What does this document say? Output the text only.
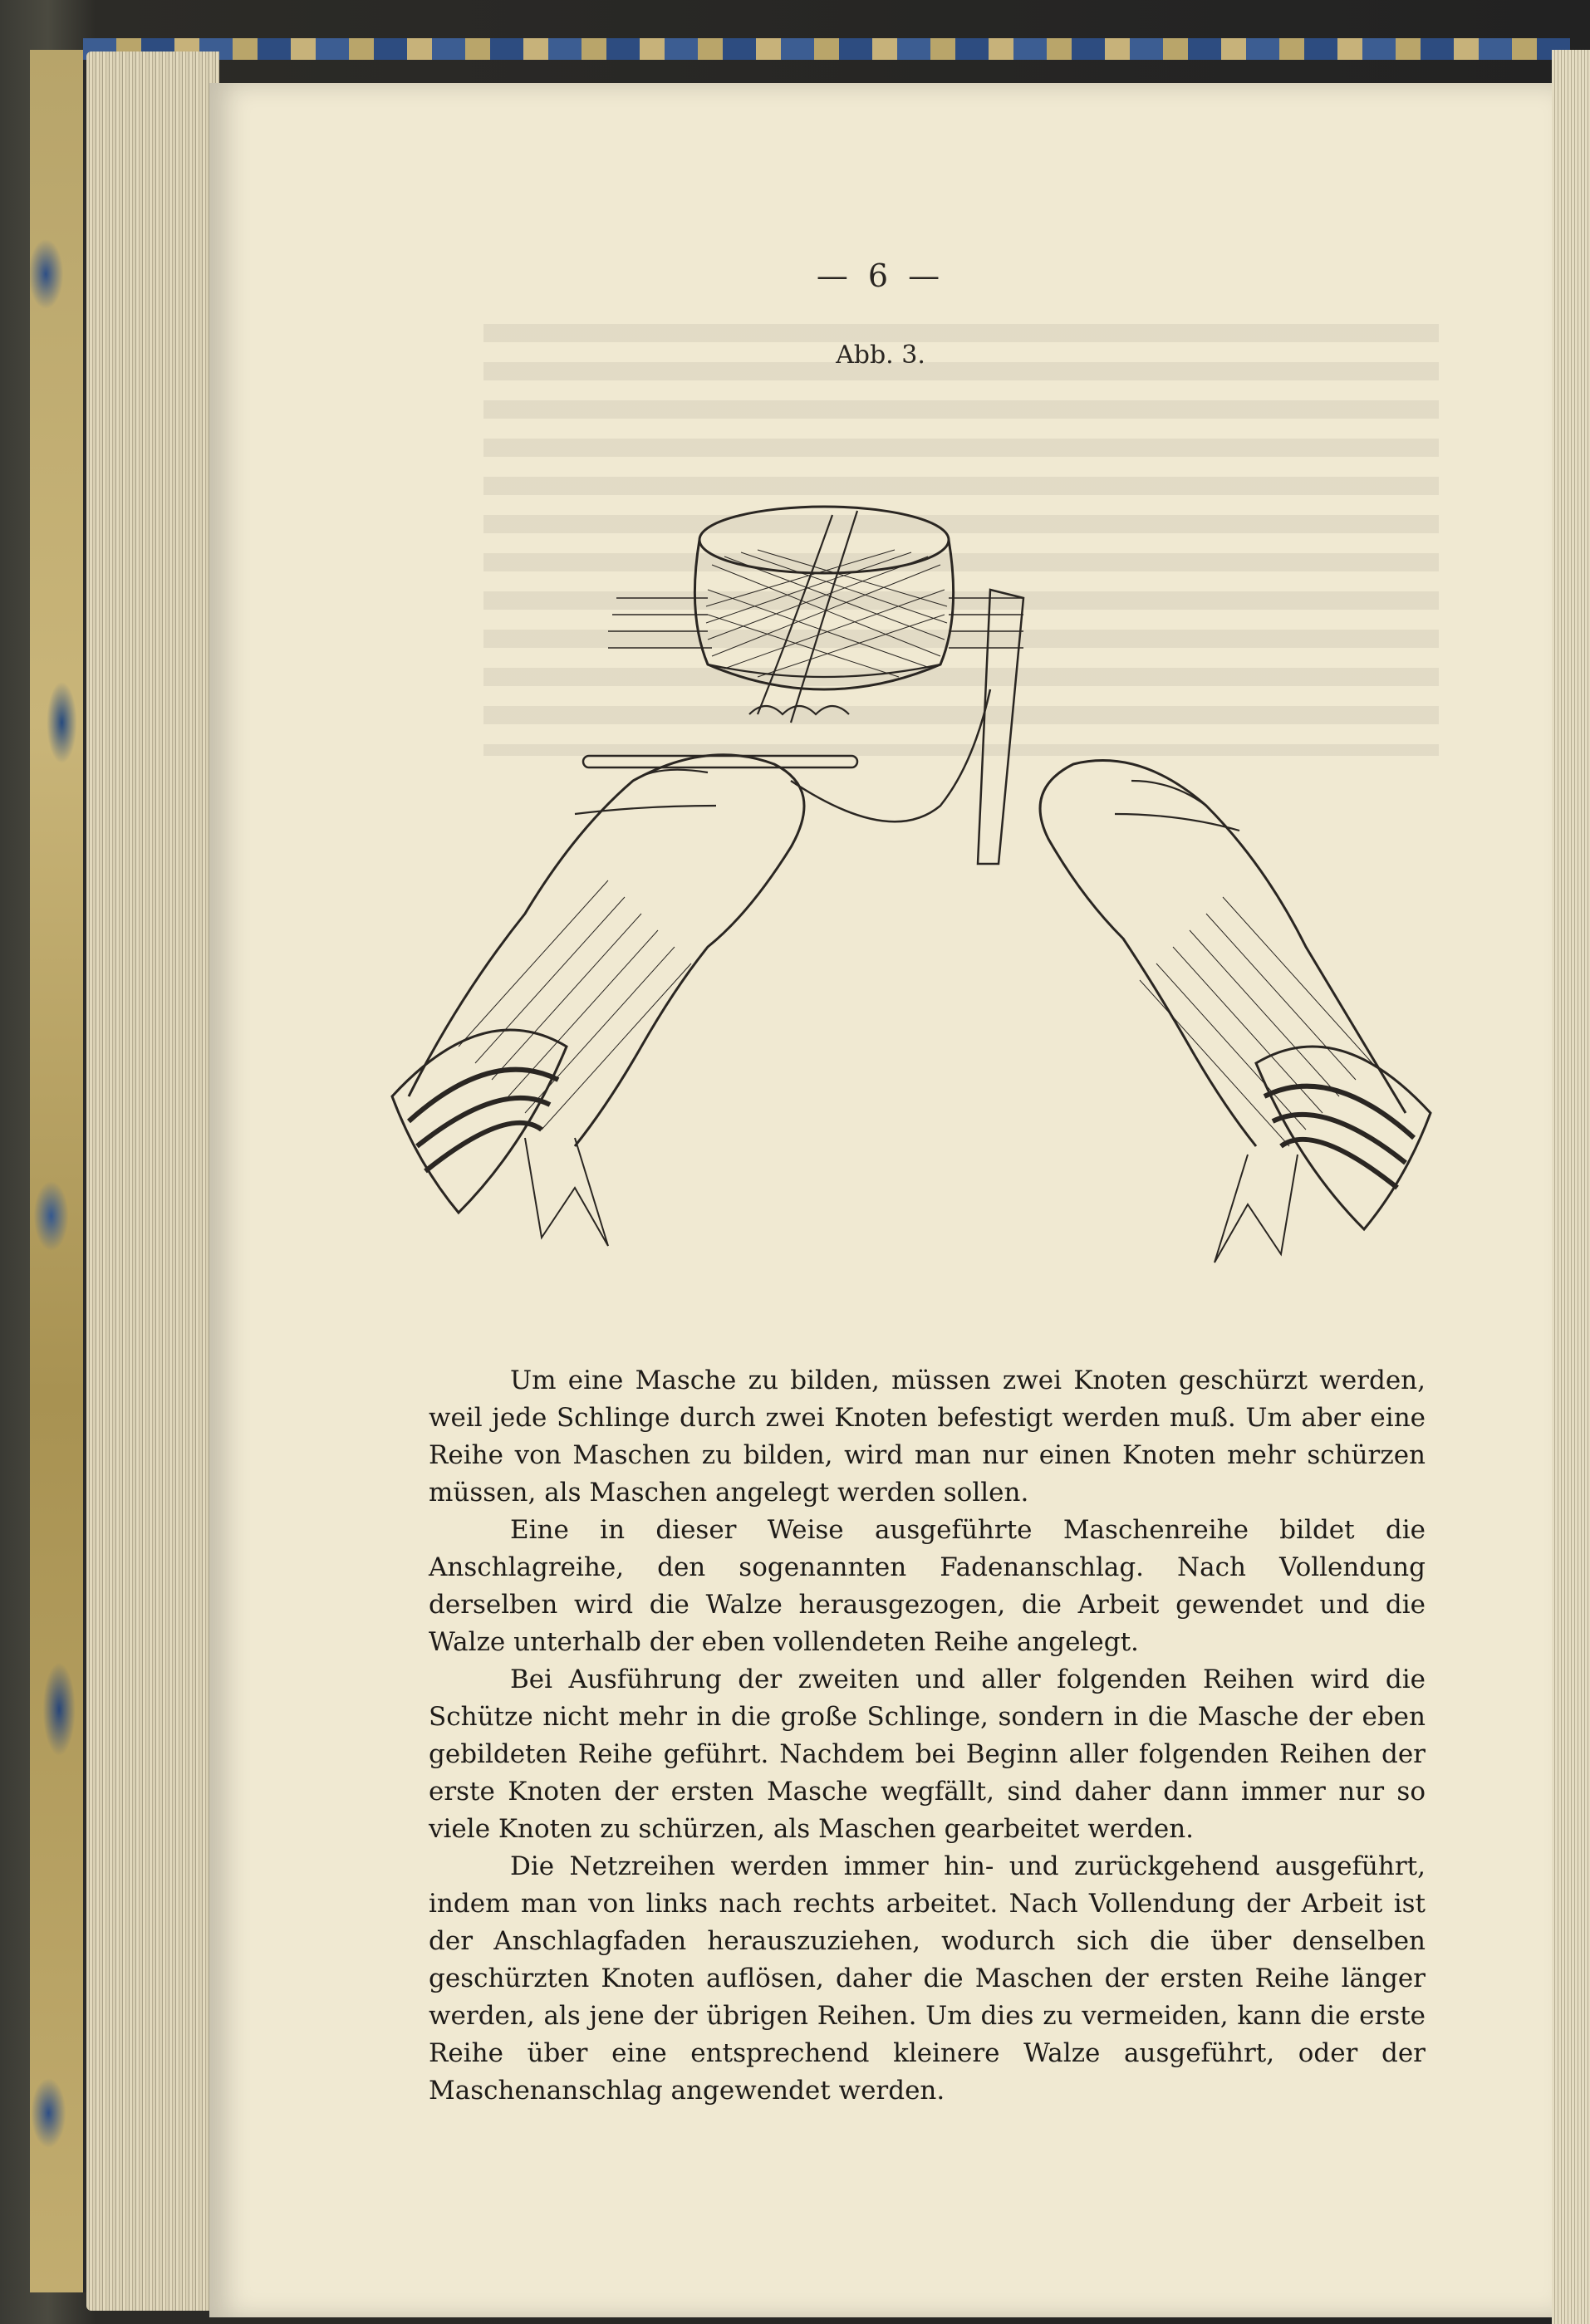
— 6 —
Abb. 3.

Um eine Masche zu bilden, müssen zwei Knoten geschürzt werden, weil jede Schlinge durch zwei Knoten befestigt werden muß. Um aber eine Reihe von Maschen zu bilden, wird man nur einen Knoten mehr schürzen müssen, als Maschen angelegt werden sollen.

Eine in dieser Weise ausgeführte Maschenreihe bildet die Anschlagreihe, den sogenannten Fadenanschlag. Nach Vollendung derselben wird die Walze herausgezogen, die Arbeit gewendet und die Walze unterhalb der eben vollendeten Reihe angelegt.

Bei Ausführung der zweiten und aller folgenden Reihen wird die Schütze nicht mehr in die große Schlinge, sondern in die Masche der eben gebildeten Reihe geführt. Nachdem bei Beginn aller folgenden Reihen der erste Knoten der ersten Masche wegfällt, sind daher dann immer nur so viele Knoten zu schürzen, als Maschen gearbeitet werden.

Die Netzreihen werden immer hin- und zurückgehend ausgeführt, indem man von links nach rechts arbeitet. Nach Vollendung der Arbeit ist der Anschlagfaden herauszuziehen, wodurch sich die über denselben geschürzten Knoten auflösen, daher die Maschen der ersten Reihe länger werden, als jene der übrigen Reihen. Um dies zu vermeiden, kann die erste Reihe über eine entsprechend kleinere Walze ausgeführt, oder der Maschenanschlag angewendet werden.
